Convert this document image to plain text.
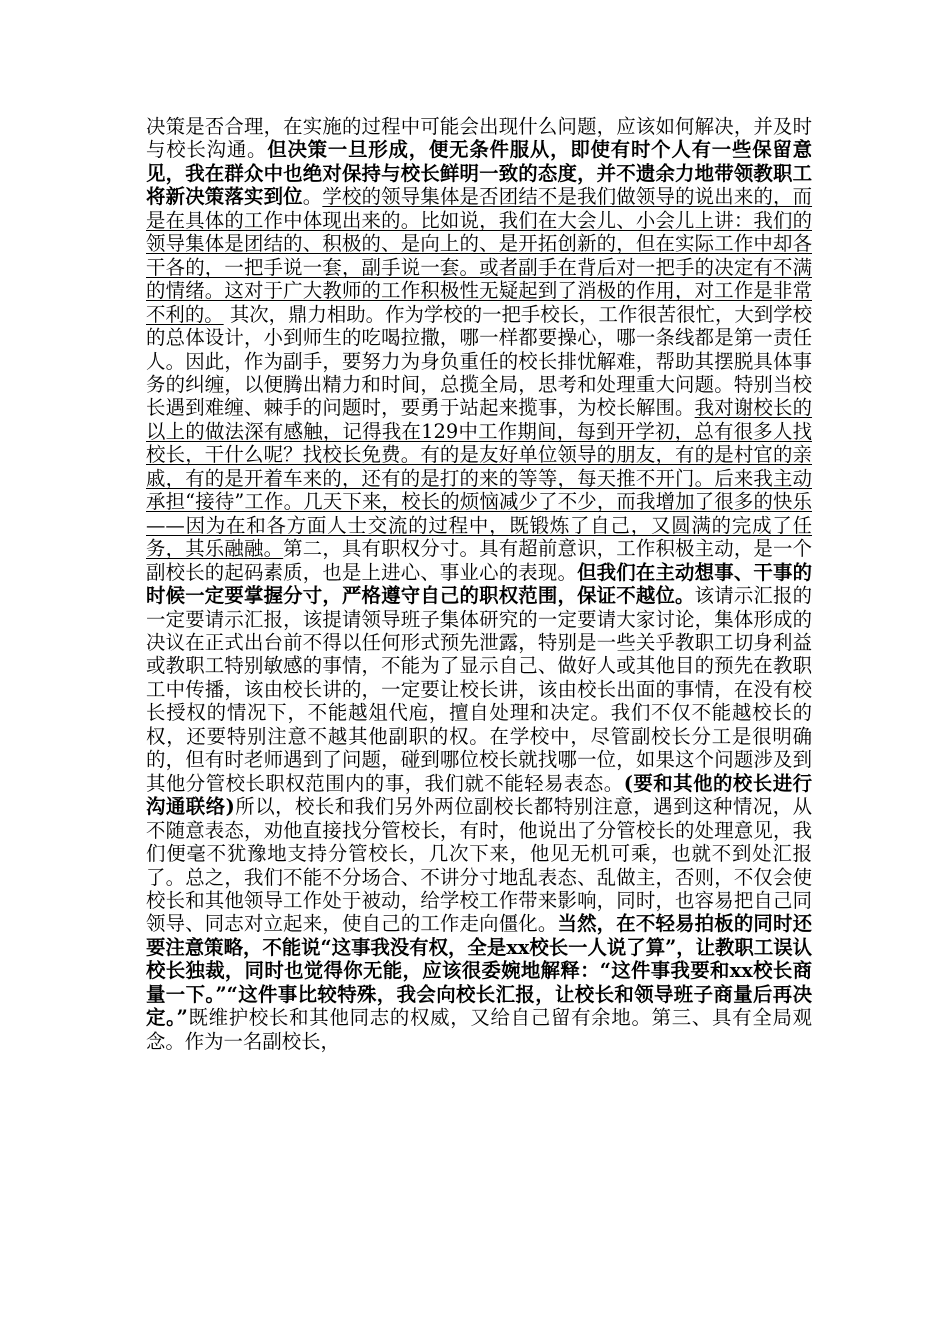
决策是否合理，在实施的过程中可能会出现什么问题，应该如何解决，并及时与校长沟通。但决策一旦形成，便无条件服从，即使有时个人有一些保留意见，我在群众中也绝对保持与校长鲜明一致的态度，并不遗余力地带领教职工将新决策落实到位。学校的领导集体是否团结不是我们做领导的说出来的，而是在具体的工作中体现出来的。比如说，我们在大会儿、小会儿上讲：我们的领导集体是团结的、积极的、是向上的、是开拓创新的，但在实际工作中却各干各的，一把手说一套，副手说一套。或者副手在背后对一把手的决定有不满的情绪。这对于广大教师的工作积极性无疑起到了消极的作用，对工作是非常不利的。 其次，鼎力相助。作为学校的一把手校长，工作很苦很忙，大到学校的总体设计，小到师生的吃喝拉撒，哪一样都要操心，哪一条线都是第一责任人。因此，作为副手，要努力为身负重任的校长排忧解难，帮助其摆脱具体事务的纠缠，以便腾出精力和时间，总揽全局，思考和处理重大问题。特别当校长遇到难缠、棘手的问题时，要勇于站起来揽事，为校长解围。我对谢校长的以上的做法深有感触，记得我在129中工作期间，每到开学初，总有很多人找校长，干什么呢？找校长免费。有的是友好单位领导的朋友，有的是村官的亲戚，有的是开着车来的，还有的是打的来的等等，每天推不开门。后来我主动承担“接待”工作。几天下来，校长的烦恼减少了不少，而我增加了很多的快乐——因为在和各方面人士交流的过程中，既锻炼了自己，又圆满的完成了任务，其乐融融。第二，具有职权分寸。具有超前意识，工作积极主动，是一个副校长的起码素质，也是上进心、事业心的表现。但我们在主动想事、干事的时候一定要掌握分寸，严格遵守自己的职权范围，保证不越位。该请示汇报的一定要请示汇报，该提请领导班子集体研究的一定要请大家讨论，集体形成的决议在正式出台前不得以任何形式预先泄露，特别是一些关乎教职工切身利益或教职工特别敏感的事情，不能为了显示自己、做好人或其他目的预先在教职工中传播，该由校长讲的，一定要让校长讲，该由校长出面的事情，在没有校长授权的情况下，不能越俎代庖，擅自处理和决定。我们不仅不能越校长的权，还要特别注意不越其他副职的权。在学校中，尽管副校长分工是很明确的，但有时老师遇到了问题，碰到哪位校长就找哪一位，如果这个问题涉及到其他分管校长职权范围内的事，我们就不能轻易表态。(要和其他的校长进行沟通联络)所以，校长和我们另外两位副校长都特别注意，遇到这种情况，从不随意表态，劝他直接找分管校长，有时，他说出了分管校长的处理意见，我们便毫不犹豫地支持分管校长，几次下来，他见无机可乘，也就不到处汇报了。总之，我们不能不分场合、不讲分寸地乱表态、乱做主，否则，不仅会使校长和其他领导工作处于被动，给学校工作带来影响，同时，也容易把自己同领导、同志对立起来，使自己的工作走向僵化。当然，在不轻易拍板的同时还要注意策略，不能说“这事我没有权，全是xx校长一人说了算”，让教职工误认校长独裁，同时也觉得你无能，应该很委婉地解释：“这件事我要和xx校长商量一下。”“这件事比较特殊，我会向校长汇报，让校长和领导班子商量后再决定。”既维护校长和其他同志的权威，又给自己留有余地。第三、具有全局观念。作为一名副校长，
